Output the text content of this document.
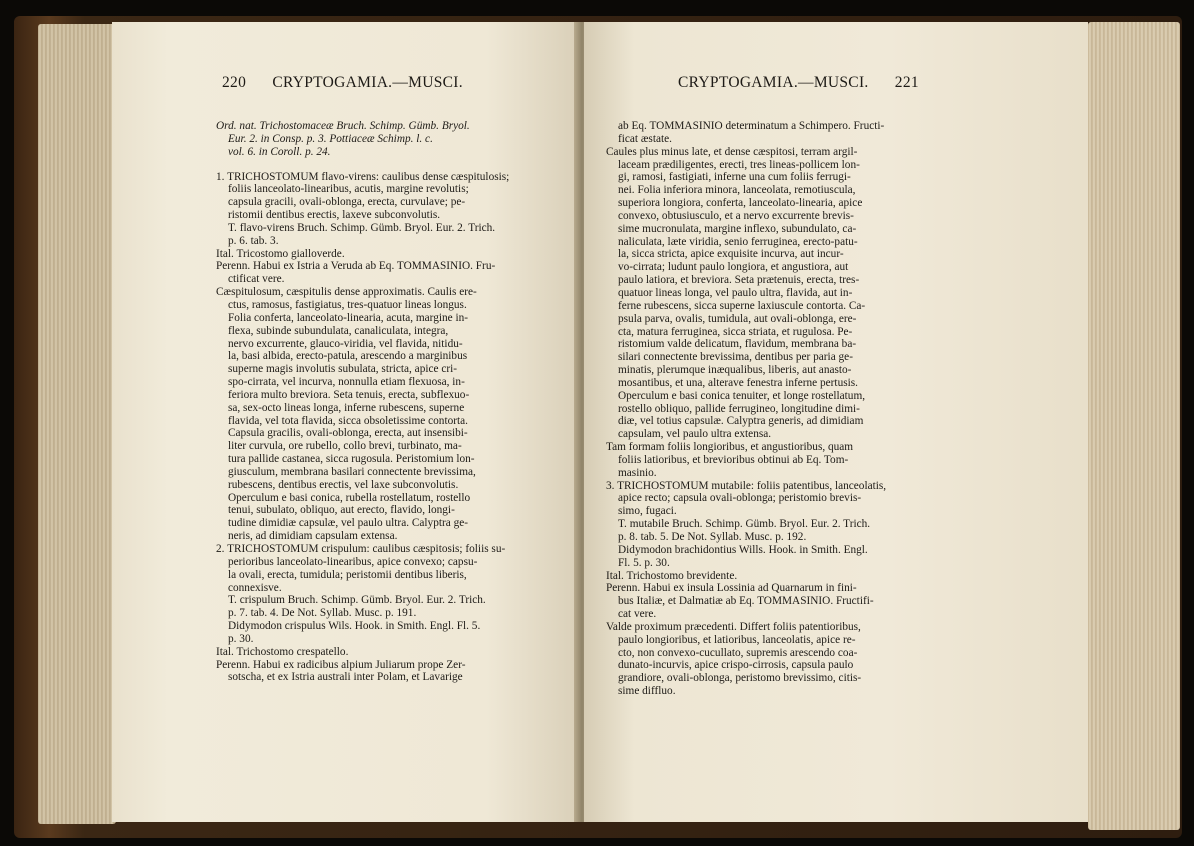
220 CRYPTOGAMIA.—MUSCI.

Ord. nat. Trichostomaceæ Bruch. Schimp. Gümb. Bryol.

Eur. 2. in Consp. p. 3. Pottiaceæ Schimp. l. c.

vol. 6. in Coroll. p. 24.

1. TRICHOSTOMUM flavo-virens: caulibus dense cæspitulosis;

foliis lanceolato-linearibus, acutis, margine revolutis;

capsula gracili, ovali-oblonga, erecta, curvulave; pe-

ristomii dentibus erectis, laxeve subconvolutis.

T. flavo-virens Bruch. Schimp. Gümb. Bryol. Eur. 2. Trich.

p. 6. tab. 3.

Ital. Tricostomo gialloverde.

Perenn. Habui ex Istria a Veruda ab Eq. TOMMASINIO. Fru-

ctificat vere.

Cæspitulosum, cæspitulis dense approximatis. Caulis ere-

ctus, ramosus, fastigiatus, tres-quatuor lineas longus.

Folia conferta, lanceolato-linearia, acuta, margine in-

flexa, subinde subundulata, canaliculata, integra,

nervo excurrente, glauco-viridia, vel flavida, nitidu-

la, basi albida, erecto-patula, arescendo a marginibus

superne magis involutis subulata, stricta, apice cri-

spo-cirrata, vel incurva, nonnulla etiam flexuosa, in-

feriora multo breviora. Seta tenuis, erecta, subflexuo-

sa, sex-octo lineas longa, inferne rubescens, superne

flavida, vel tota flavida, sicca obsoletissime contorta.

Capsula gracilis, ovali-oblonga, erecta, aut insensibi-

liter curvula, ore rubello, collo brevi, turbinato, ma-

tura pallide castanea, sicca rugosula. Peristomium lon-

giusculum, membrana basilari connectente brevissima,

rubescens, dentibus erectis, vel laxe subconvolutis.

Operculum e basi conica, rubella rostellatum, rostello

tenui, subulato, obliquo, aut erecto, flavido, longi-

tudine dimidiæ capsulæ, vel paulo ultra. Calyptra ge-

neris, ad dimidiam capsulam extensa.

2. TRICHOSTOMUM crispulum: caulibus cæspitosis; foliis su-

perioribus lanceolato-linearibus, apice convexo; capsu-

la ovali, erecta, tumidula; peristomii dentibus liberis,

connexisve.

T. crispulum Bruch. Schimp. Gümb. Bryol. Eur. 2. Trich.

p. 7. tab. 4. De Not. Syllab. Musc. p. 191.

Didymodon crispulus Wils. Hook. in Smith. Engl. Fl. 5.

p. 30.

Ital. Trichostomo crespatello.

Perenn. Habui ex radicibus alpium Juliarum prope Zer-

sotscha, et ex Istria australi inter Polam, et Lavarige

CRYPTOGAMIA.—MUSCI. 221

ab Eq. TOMMASINIO determinatum a Schimpero. Fructi-

ficat æstate.

Caules plus minus late, et dense cæspitosi, terram argil-

laceam prædiligentes, erecti, tres lineas-pollicem lon-

gi, ramosi, fastigiati, inferne una cum foliis ferrugi-

nei. Folia inferiora minora, lanceolata, remotiuscula,

superiora longiora, conferta, lanceolato-linearia, apice

convexo, obtusiusculo, et a nervo excurrente brevis-

sime mucronulata, margine inflexo, subundulato, ca-

naliculata, læte viridia, senio ferruginea, erecto-patu-

la, sicca stricta, apice exquisite incurva, aut incur-

vo-cirrata; ludunt paulo longiora, et angustiora, aut

paulo latiora, et breviora. Seta prætenuis, erecta, tres-

quatuor lineas longa, vel paulo ultra, flavida, aut in-

ferne rubescens, sicca superne laxiuscule contorta. Ca-

psula parva, ovalis, tumidula, aut ovali-oblonga, ere-

cta, matura ferruginea, sicca striata, et rugulosa. Pe-

ristomium valde delicatum, flavidum, membrana ba-

silari connectente brevissima, dentibus per paria ge-

minatis, plerumque inæqualibus, liberis, aut anasto-

mosantibus, et una, alterave fenestra inferne pertusis.

Operculum e basi conica tenuiter, et longe rostellatum,

rostello obliquo, pallide ferrugineo, longitudine dimi-

diæ, vel totius capsulæ. Calyptra generis, ad dimidiam

capsulam, vel paulo ultra extensa.

Tam formam foliis longioribus, et angustioribus, quam

foliis latioribus, et brevioribus obtinui ab Eq. Tom-

masinio.

3. TRICHOSTOMUM mutabile: foliis patentibus, lanceolatis,

apice recto; capsula ovali-oblonga; peristomio brevis-

simo, fugaci.

T. mutabile Bruch. Schimp. Gümb. Bryol. Eur. 2. Trich.

p. 8. tab. 5. De Not. Syllab. Musc. p. 192.

Didymodon brachidontius Wills. Hook. in Smith. Engl.

Fl. 5. p. 30.

Ital. Trichostomo brevidente.

Perenn. Habui ex insula Lossinia ad Quarnarum in fini-

bus Italiæ, et Dalmatiæ ab Eq. TOMMASINIO. Fructifi-

cat vere.

Valde proximum præcedenti. Differt foliis patentioribus,

paulo longioribus, et latioribus, lanceolatis, apice re-

cto, non convexo-cucullato, supremis arescendo coa-

dunato-incurvis, apice crispo-cirrosis, capsula paulo

grandiore, ovali-oblonga, peristomo brevissimo, citis-

sime diffluo.
